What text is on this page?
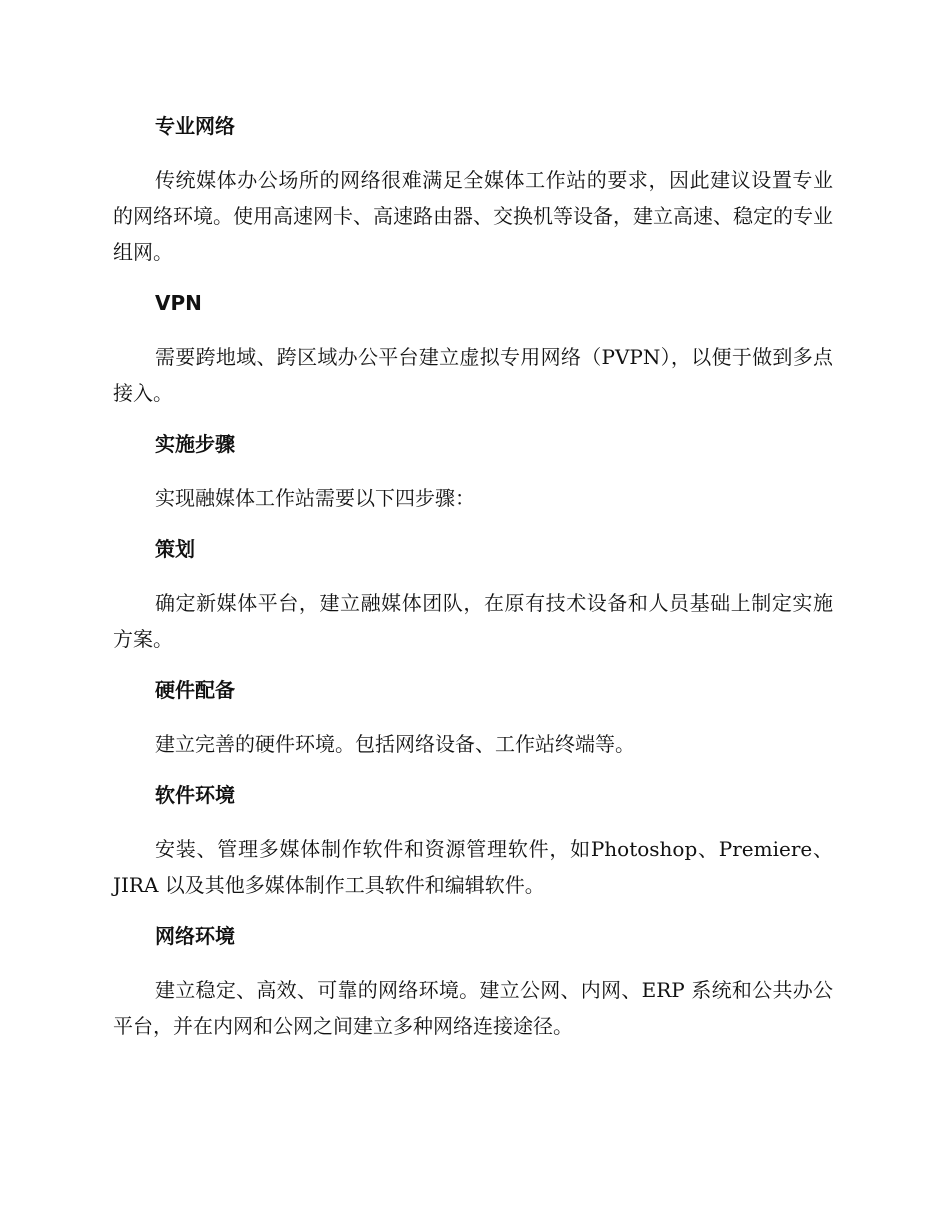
专业网络

传统媒体办公场所的网络很难满足全媒体工作站的要求，因此建议设置专业的网络环境。使用高速网卡、高速路由器、交换机等设备，建立高速、稳定的专业组网。

VPN

需要跨地域、跨区域办公平台建立虚拟专用网络（PVPN），以便于做到多点接入。

实施步骤

实现融媒体工作站需要以下四步骤：

策划

确定新媒体平台，建立融媒体团队，在原有技术设备和人员基础上制定实施方案。

硬件配备

建立完善的硬件环境。包括网络设备、工作站终端等。

软件环境

安装、管理多媒体制作软件和资源管理软件，如Photoshop、Premiere、JIRA 以及其他多媒体制作工具软件和编辑软件。

网络环境

建立稳定、高效、可靠的网络环境。建立公网、内网、ERP 系统和公共办公平台，并在内网和公网之间建立多种网络连接途径。
